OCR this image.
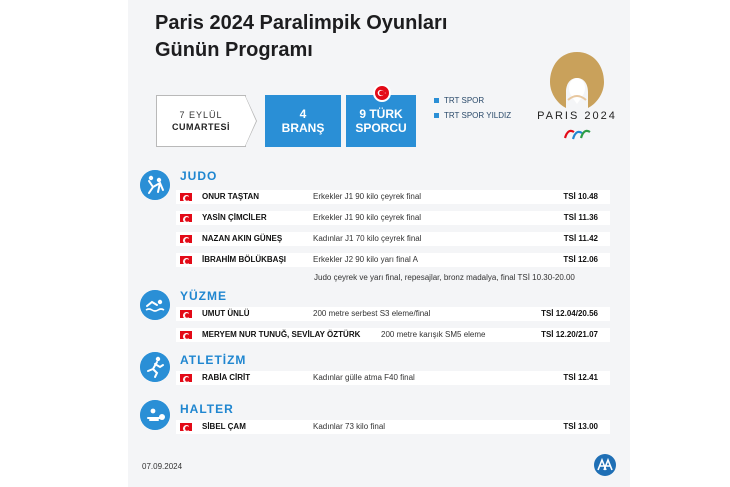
Paris 2024 Paralimpik Oyunları
Günün Programı
7 EYLÜL
CUMARTESİ
4
BRANŞ
9 TÜRK
SPORCU
TRT SPOR
TRT SPOR YILDIZ	PARIS 2024
JUDO
ONUR TAŞTAN	Erkekler J1 90 kilo çeyrek final	TSİ 10.48
YASİN ÇİMCİLER	Erkekler J1 90 kilo çeyrek final	TSİ 11.36
NAZAN AKIN GÜNEŞ	Kadınlar J1 70 kilo çeyrek final	TSİ 11.42
İBRAHİM BÖLÜKBAŞI	Erkekler J2 90 kilo yarı final A	TSİ 12.06
Judo çeyrek ve yarı final, repesajlar, bronz madalya, final TSİ 10.30-20.00
YÜZME
UMUT ÜNLÜ	200 metre serbest S3 eleme/final	TSİ 12.04/20.56
MERYEM NUR TUNUĞ, SEVİLAY ÖZTÜRK	200 metre karışık SM5 eleme	TSİ 12.20/21.07
ATLETİZM
RABİA CİRİT	Kadınlar gülle atma F40 final	TSİ 12.41
HALTER
SİBEL ÇAM	Kadınlar 73 kilo final	TSİ 13.00
07.09.2024
